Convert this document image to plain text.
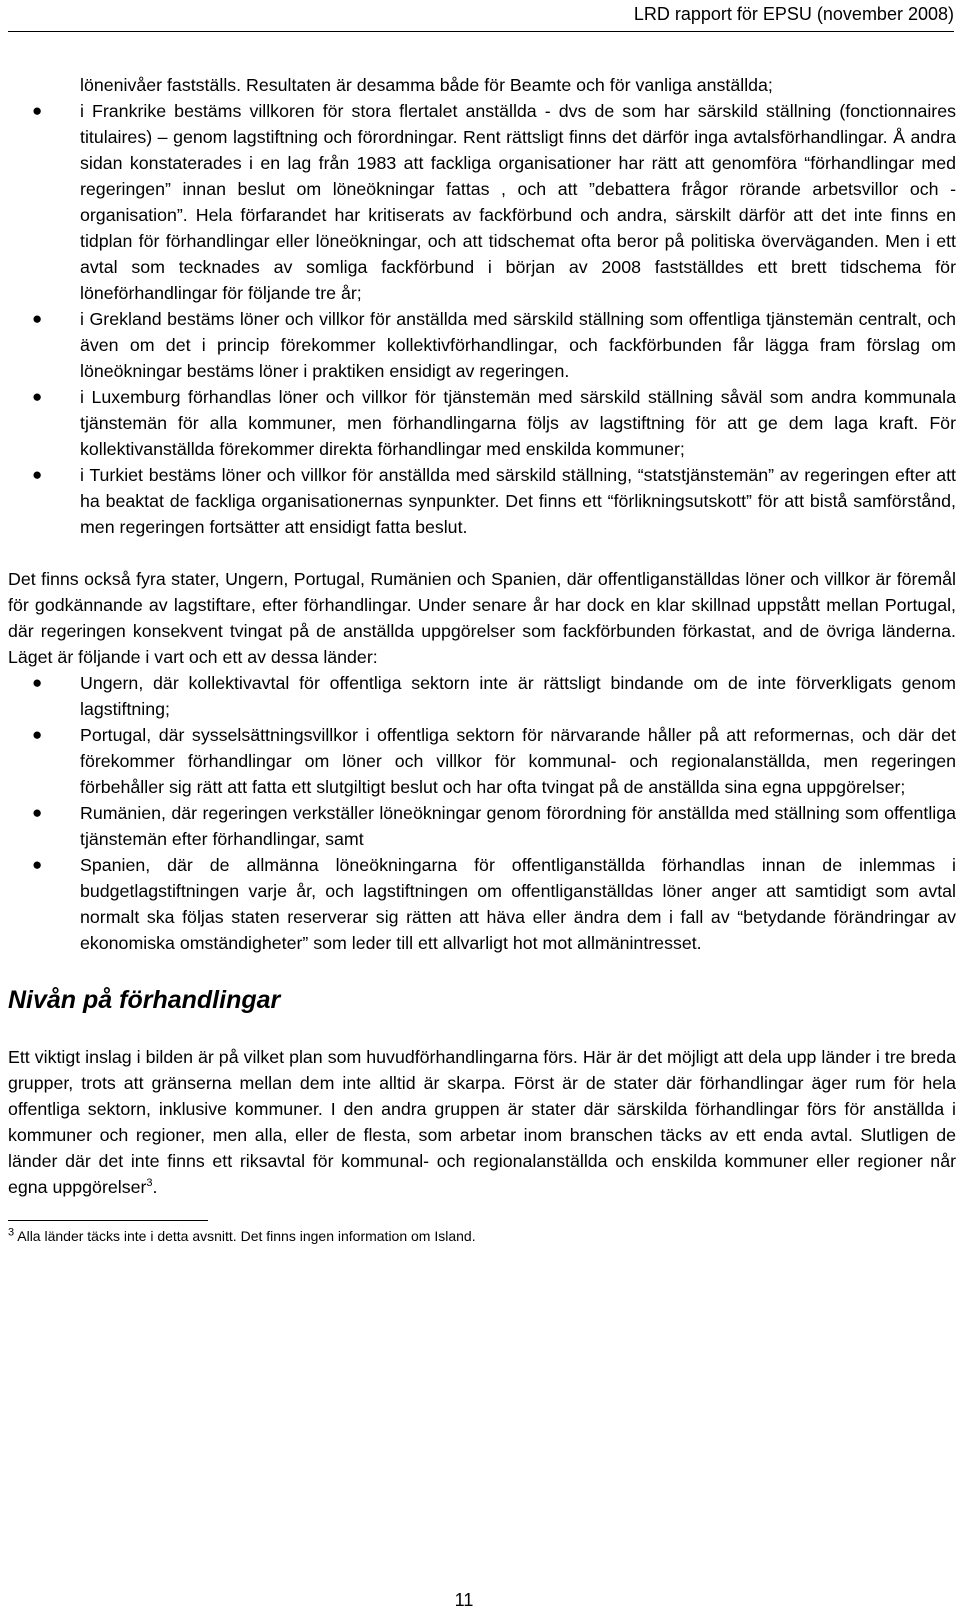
LRD rapport för EPSU (november 2008)
lönenivåer fastställs. Resultaten är desamma både för Beamte och för vanliga anställda;
● i Frankrike bestäms villkoren för stora flertalet anställda - dvs de som har särskild ställning (fonctionnaires titulaires) – genom lagstiftning och förordningar. Rent rättsligt finns det därför inga avtalsförhandlingar. Å andra sidan konstaterades i en lag från 1983 att fackliga organisationer har rätt att genomföra “förhandlingar med regeringen” innan beslut om löneökningar fattas , och att ”debattera frågor rörande arbetsvillor och -organisation”. Hela förfarandet har kritiserats av fackförbund och andra, särskilt därför att det inte finns en tidplan för förhandlingar eller löneökningar, och att tidschemat ofta beror på politiska överväganden. Men i ett avtal som tecknades av somliga fackförbund i början av 2008 fastställdes ett brett tidschema för löneförhandlingar för följande tre år;
● i Grekland bestäms löner och villkor för anställda med särskild ställning som offentliga tjänstemän centralt, och även om det i princip förekommer kollektivförhandlingar, och fackförbunden får lägga fram förslag om löneökningar bestäms löner i praktiken ensidigt av regeringen.
● i Luxemburg förhandlas löner och villkor för tjänstemän med särskild ställning såväl som andra kommunala tjänstemän för alla kommuner, men förhandlingarna följs av lagstiftning för att ge dem laga kraft. För kollektivanställda förekommer direkta förhandlingar med enskilda kommuner;
● i Turkiet bestäms löner och villkor för anställda med särskild ställning, “statstjänstemän” av regeringen efter att ha beaktat de fackliga organisationernas synpunkter. Det finns ett “förlikningsutskott” för att bistå samförstånd, men regeringen fortsätter att ensidigt fatta beslut.

Det finns också fyra stater, Ungern, Portugal, Rumänien och Spanien, där offentliganställdas löner och villkor är föremål för godkännande av lagstiftare, efter förhandlingar. Under senare år har dock en klar skillnad uppstått mellan Portugal, där regeringen konsekvent tvingat på de anställda uppgörelser som fackförbunden förkastat, and de övriga länderna. Läget är följande i vart och ett av dessa länder:

● Ungern, där kollektivavtal för offentliga sektorn inte är rättsligt bindande om de inte förverkligats genom lagstiftning;
● Portugal, där sysselsättningsvillkor i offentliga sektorn för närvarande håller på att reformernas, och där det förekommer förhandlingar om löner och villkor för kommunal- och regionalanställda, men regeringen förbehåller sig rätt att fatta ett slutgiltigt beslut och har ofta tvingat på de anställda sina egna uppgörelser;
● Rumänien, där regeringen verkställer löneökningar genom förordning för anställda med ställning som offentliga tjänstemän efter förhandlingar, samt
● Spanien, där de allmänna löneökningarna för offentliganställda förhandlas innan de inlemmas i budgetlagstiftningen varje år, och lagstiftningen om offentliganställdas löner anger att samtidigt som avtal normalt ska följas staten reserverar sig rätten att häva eller ändra dem i fall av “betydande förändringar av ekonomiska omständigheter” som leder till ett allvarligt hot mot allmänintresset.
Nivån på förhandlingar

Ett viktigt inslag i bilden är på vilket plan som huvudförhandlingarna förs. Här är det möjligt att dela upp länder i tre breda grupper, trots att gränserna mellan dem inte alltid är skarpa. Först är de stater där förhandlingar äger rum för hela offentliga sektorn, inklusive kommuner. I den andra gruppen är stater där särskilda förhandlingar förs för anställda i kommuner och regioner, men alla, eller de flesta, som arbetar inom branschen täcks av ett enda avtal. Slutligen de länder där det inte finns ett riksavtal för kommunal- och regionalanställda och enskilda kommuner eller regioner når egna uppgörelser$^3$.

$^3$ Alla länder täcks inte i detta avsnitt. Det finns ingen information om Island.
11
